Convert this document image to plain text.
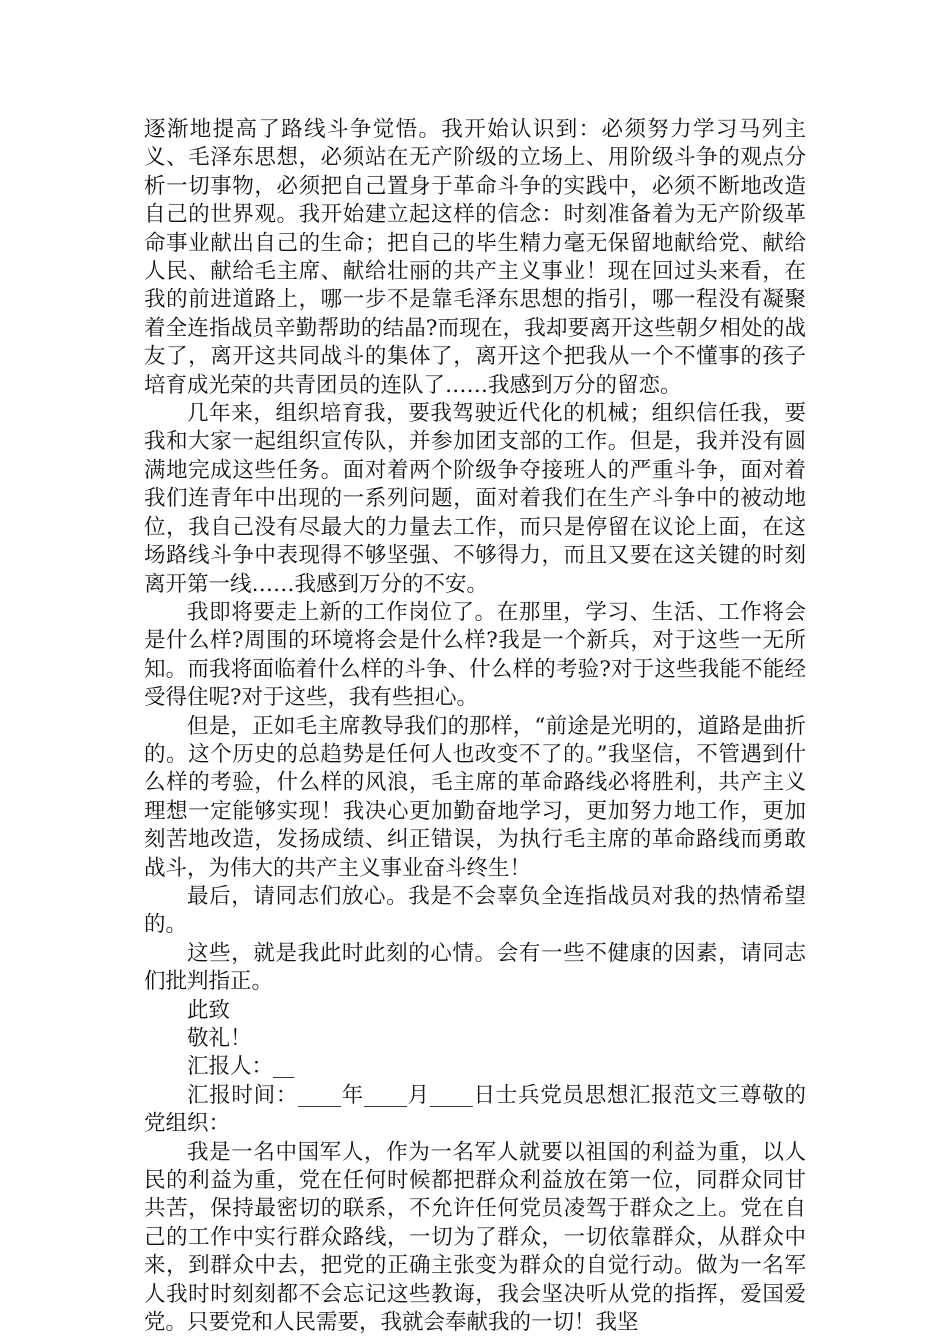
逐渐地提高了路线斗争觉悟。我开始认识到：必须努力学习马列主义、毛泽东思想，必须站在无产阶级的立场上、用阶级斗争的观点分析一切事物，必须把自己置身于革命斗争的实践中，必须不断地改造自己的世界观。我开始建立起这样的信念：时刻准备着为无产阶级革命事业献出自己的生命；把自己的毕生精力毫无保留地献给党、献给人民、献给毛主席、献给壮丽的共产主义事业！现在回过头来看，在我的前进道路上，哪一步不是靠毛泽东思想的指引，哪一程没有凝聚着全连指战员辛勤帮助的结晶?而现在，我却要离开这些朝夕相处的战友了，离开这共同战斗的集体了，离开这个把我从一个不懂事的孩子培育成光荣的共青团员的连队了……我感到万分的留恋。

几年来，组织培育我，要我驾驶近代化的机械；组织信任我，要我和大家一起组织宣传队，并参加团支部的工作。但是，我并没有圆满地完成这些任务。面对着两个阶级争夺接班人的严重斗争，面对着我们连青年中出现的一系列问题，面对着我们在生产斗争中的被动地位，我自己没有尽最大的力量去工作，而只是停留在议论上面，在这场路线斗争中表现得不够坚强、不够得力，而且又要在这关键的时刻离开第一线……我感到万分的不安。

我即将要走上新的工作岗位了。在那里，学习、生活、工作将会是什么样?周围的环境将会是什么样?我是一个新兵，对于这些一无所知。而我将面临着什么样的斗争、什么样的考验?对于这些我能不能经受得住呢?对于这些，我有些担心。

但是，正如毛主席教导我们的那样，“前途是光明的，道路是曲折的。这个历史的总趋势是任何人也改变不了的。”我坚信，不管遇到什么样的考验，什么样的风浪，毛主席的革命路线必将胜利，共产主义理想一定能够实现！我决心更加勤奋地学习，更加努力地工作，更加刻苦地改造，发扬成绩、纠正错误，为执行毛主席的革命路线而勇敢战斗，为伟大的共产主义事业奋斗终生！

最后，请同志们放心。我是不会辜负全连指战员对我的热情希望的。

这些，就是我此时此刻的心情。会有一些不健康的因素，请同志们批判指正。

此致

敬礼！

汇报人：__

汇报时间：____年____月____日士兵党员思想汇报范文三尊敬的党组织：

我是一名中国军人，作为一名军人就要以祖国的利益为重，以人民的利益为重，党在任何时候都把群众利益放在第一位，同群众同甘共苦，保持最密切的联系，不允许任何党员凌驾于群众之上。党在自己的工作中实行群众路线，一切为了群众，一切依靠群众，从群众中来，到群众中去，把党的正确主张变为群众的自觉行动。做为一名军人我时时刻刻都不会忘记这些教诲，我会坚决听从党的指挥，爱国爱党。只要党和人民需要，我就会奉献我的一切！我坚
